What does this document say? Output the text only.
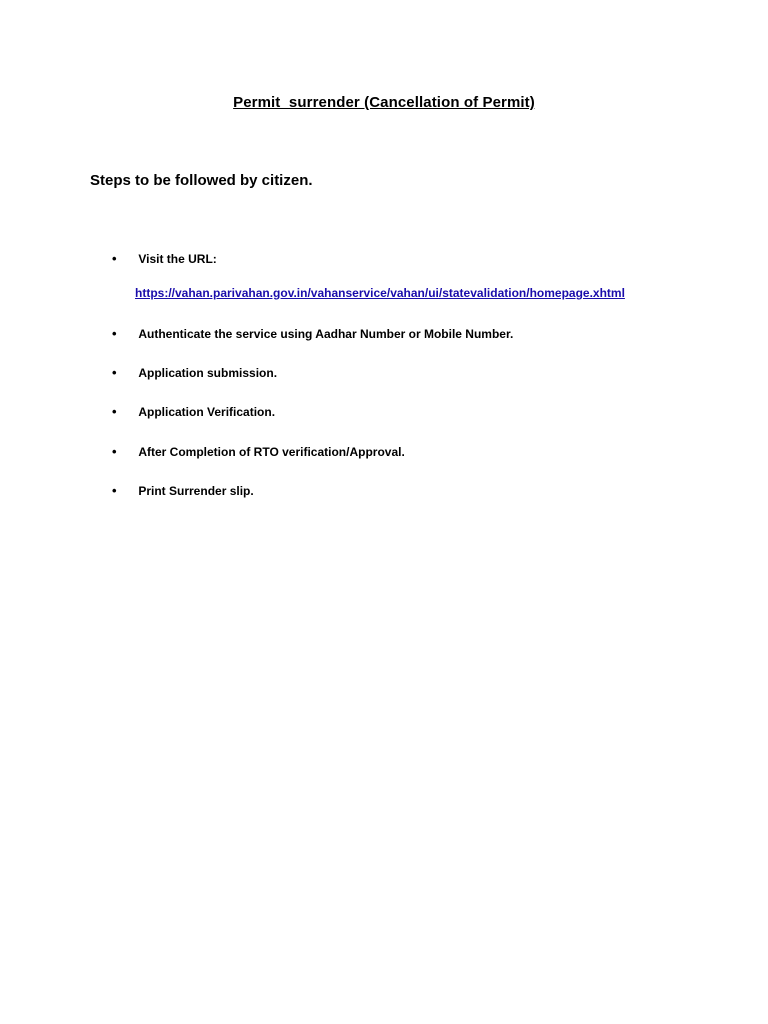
Permit  surrender (Cancellation of Permit)
Steps to be followed by citizen.
• Visit the URL:
https://vahan.parivahan.gov.in/vahanservice/vahan/ui/statevalidation/homepage.xhtml
• Authenticate the service using Aadhar Number or Mobile Number.
• Application submission.
• Application Verification.
• After Completion of RTO verification/Approval.
• Print Surrender slip.
